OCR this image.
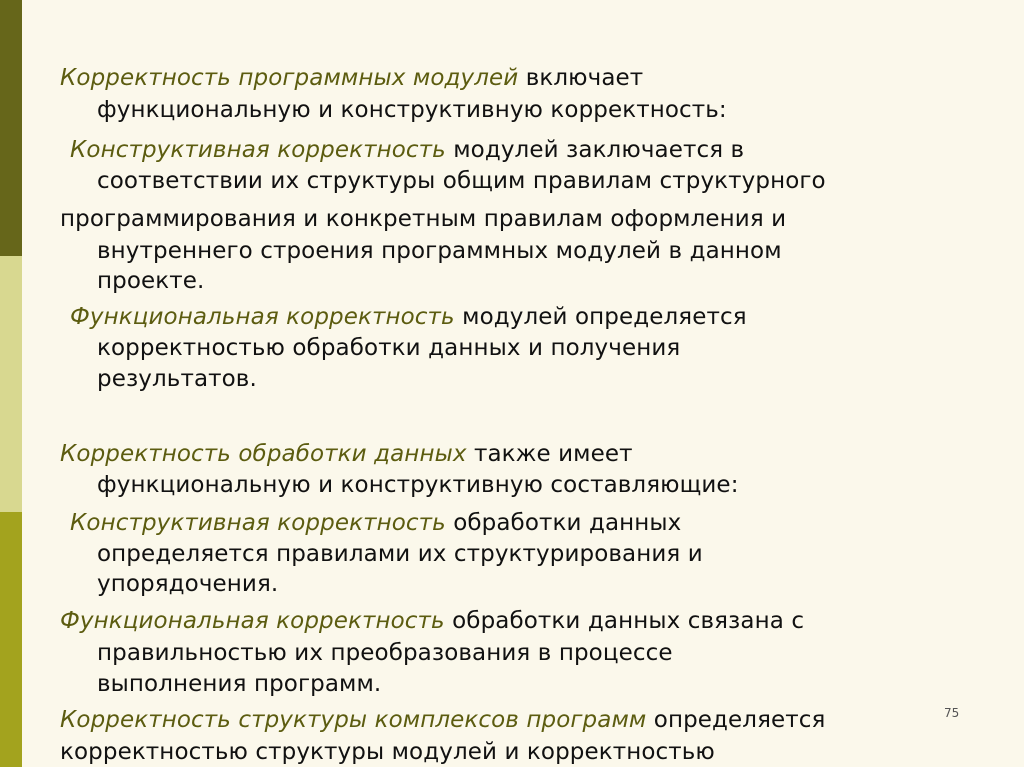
Корректность программных модулей включает
функциональную и конструктивную корректность:
Конструктивная корректность модулей заключается в
соответствии их структуры общим правилам структурного
программирования и конкретным правилам оформления и
внутреннего строения программных модулей в данном
проекте.
Функциональная корректность модулей определяется
корректностью обработки данных и получения
результатов.
Корректность обработки данных также имеет
функциональную и конструктивную составляющие:
Конструктивная корректность обработки данных
определяется правилами их структурирования и
упорядочения.
Функциональная корректность обработки данных связана с
правильностью их преобразования в процессе
выполнения программ.
Корректность структуры комплексов программ определяется
корректностью структуры модулей и корректностью
75
